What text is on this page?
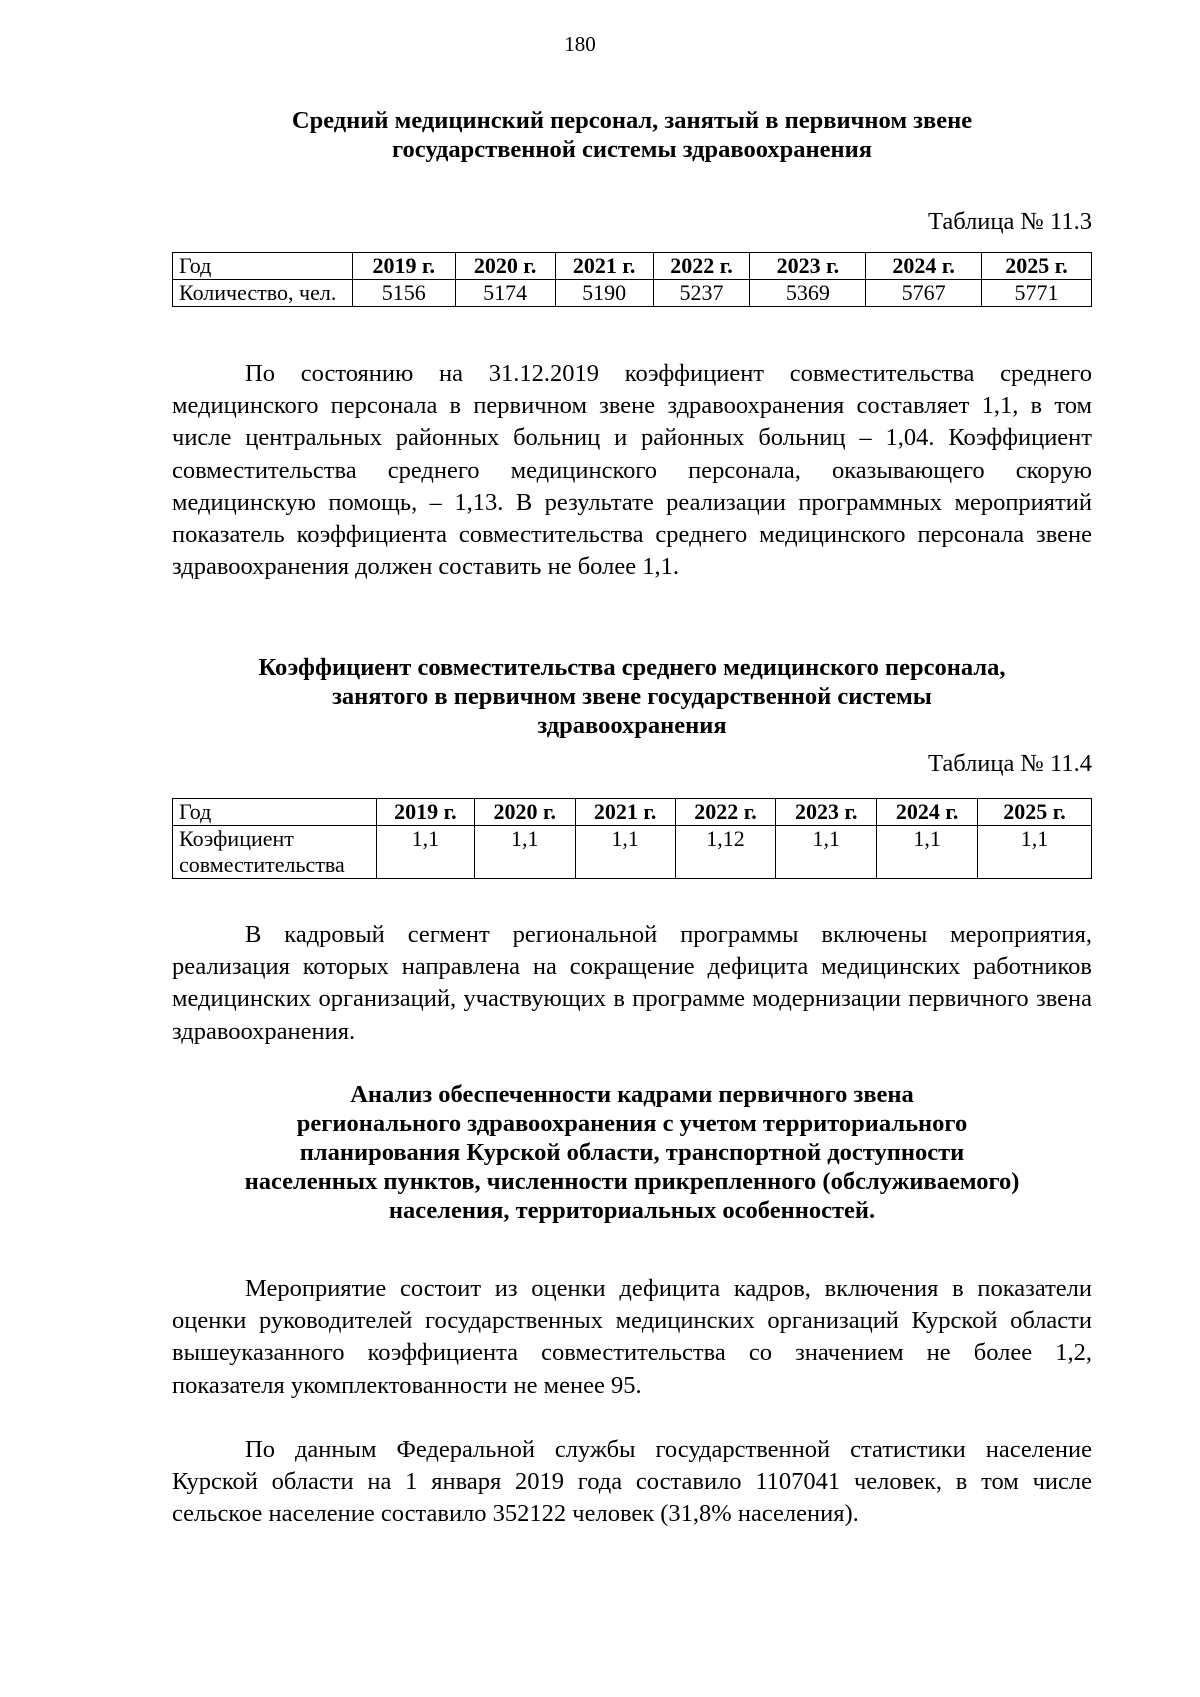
180
Средний медицинский персонал, занятый в первичном звене
государственной системы здравоохранения
Таблица № 11.3
Год	2019 г.	2020 г.	2021 г.	2022 г.	2023 г.	2024 г.	2025 г.
Количество, чел.	5156	5174	5190	5237	5369	5767	5771
По состоянию на 31.12.2019 коэффициент совместительства среднего медицинского персонала в первичном звене здравоохранения составляет 1,1, в том числе центральных районных больниц и районных больниц – 1,04. Коэффициент совместительства среднего медицинского персонала, оказывающего скорую медицинскую помощь, – 1,13. В результате реализации программных мероприятий показатель коэффициента совместительства среднего медицинского персонала звене здравоохранения должен составить не более 1,1.
Коэффициент совместительства среднего медицинского персонала,
занятого в первичном звене государственной системы
здравоохранения
Таблица № 11.4
Год	2019 г.	2020 г.	2021 г.	2022 г.	2023 г.	2024 г.	2025 г.
Коэфициент совместительства	1,1	1,1	1,1	1,12	1,1	1,1	1,1
В кадровый сегмент региональной программы включены мероприятия, реализация которых направлена на сокращение дефицита медицинских работников медицинских организаций, участвующих в программе модернизации первичного звена здравоохранения.
Анализ обеспеченности кадрами первичного звена
регионального здравоохранения с учетом территориального
планирования Курской области, транспортной доступности
населенных пунктов, численности прикрепленного (обслуживаемого)
населения, территориальных особенностей.
Мероприятие состоит из оценки дефицита кадров, включения в показатели оценки руководителей государственных медицинских организаций Курской области вышеуказанного коэффициента совместительства со значением не более 1,2, показателя укомплектованности не менее 95.
По данным Федеральной службы государственной статистики население Курской области на 1 января 2019 года составило 1107041 человек, в том числе сельское население составило 352122 человек (31,8% населения).
